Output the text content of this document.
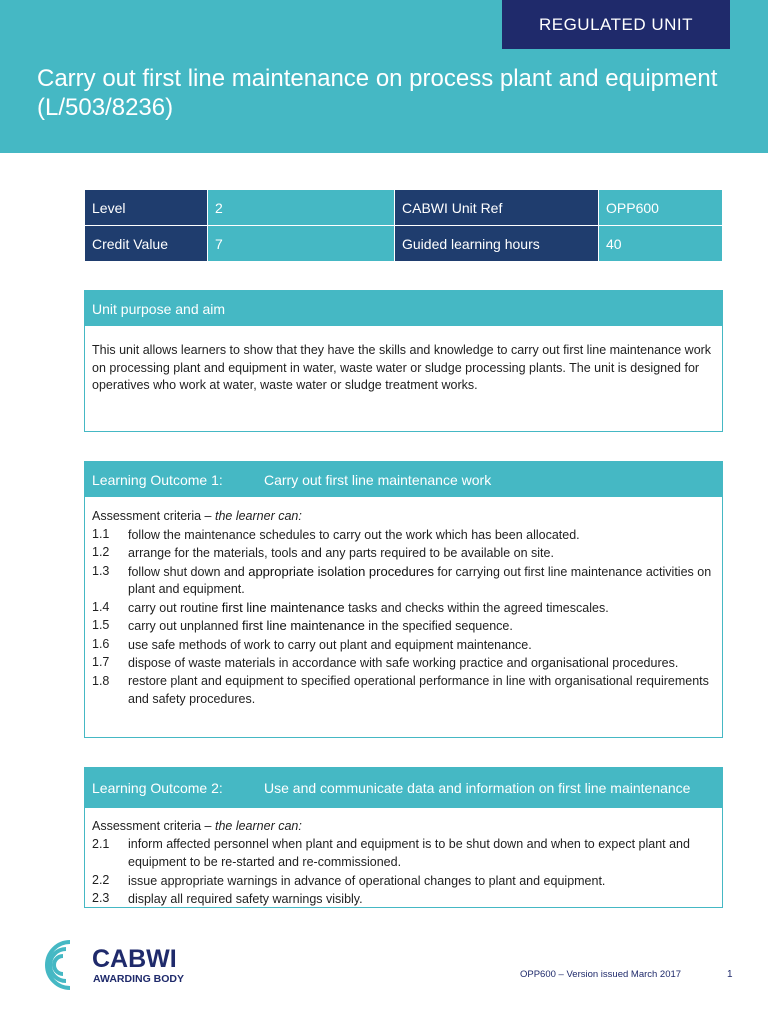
REGULATED UNIT
Carry out first line maintenance on process plant and equipment (L/503/8236)
Level	2	CABWI Unit Ref	OPP600
Credit Value	7	Guided learning hours	40
Unit purpose and aim
This unit allows learners to show that they have the skills and knowledge to carry out first line maintenance work on processing plant and equipment in water, waste water or sludge processing plants. The unit is designed for operatives who work at water, waste water or sludge treatment works.
Learning Outcome 1:	Carry out first line maintenance work
Assessment criteria – the learner can:
1.1	follow the maintenance schedules to carry out the work which has been allocated.
1.2	arrange for the materials, tools and any parts required to be available on site.
1.3	follow shut down and appropriate isolation procedures for carrying out first line maintenance activities on plant and equipment.
1.4	carry out routine first line maintenance tasks and checks within the agreed timescales.
1.5	carry out unplanned first line maintenance in the specified sequence.
1.6	use safe methods of work to carry out plant and equipment maintenance.
1.7	dispose of waste materials in accordance with safe working practice and organisational procedures.
1.8	restore plant and equipment to specified operational performance in line with organisational requirements and safety procedures.
Learning Outcome 2:	Use and communicate data and information on first line maintenance
Assessment criteria – the learner can:
2.1	inform affected personnel when plant and equipment is to be shut down and when to expect plant and equipment to be re-started and re-commissioned.
2.2	issue appropriate warnings in advance of operational changes to plant and equipment.
2.3	display all required safety warnings visibly.
CABWI
AWARDING BODY	OPP600 – Version issued March 2017	1
